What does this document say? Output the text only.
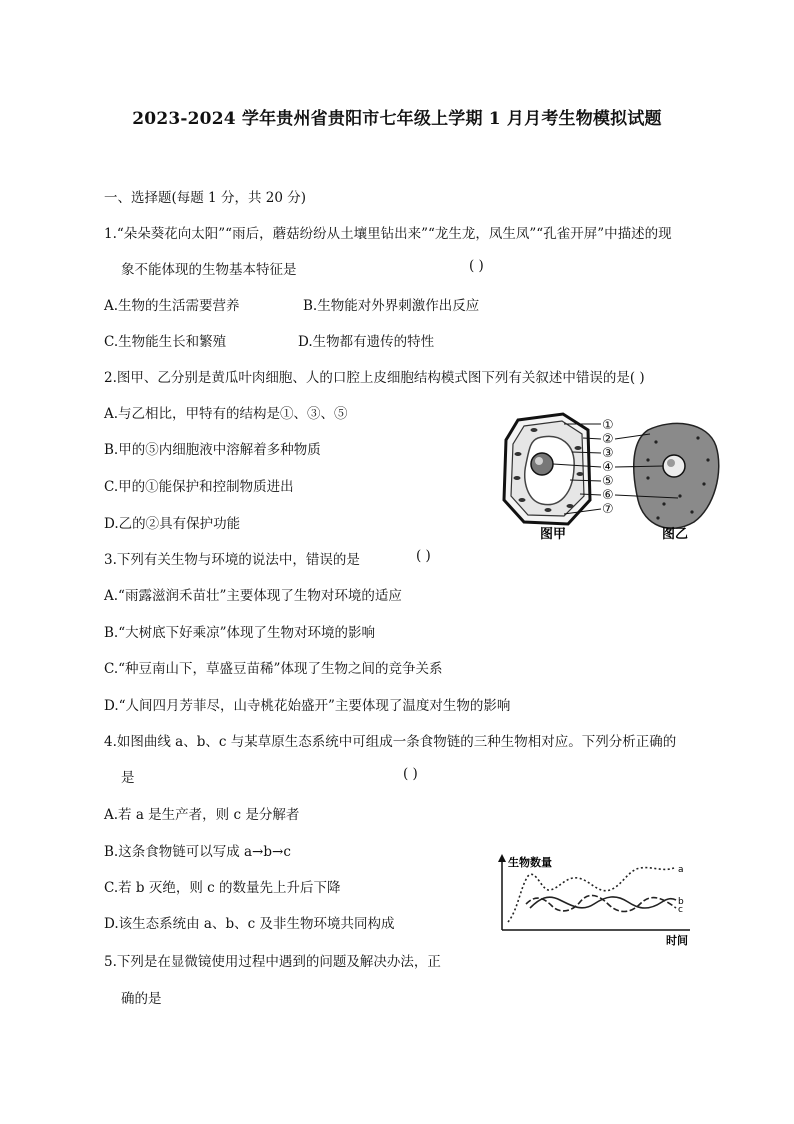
2023-2024 学年贵州省贵阳市七年级上学期 1 月月考生物模拟试题
一、选择题(每题 1 分，共 20 分)
1.“朵朵葵花向太阳”“雨后，蘑菇纷纷从土壤里钻出来”“龙生龙，凤生凤”“孔雀开屏”中描述的现
象不能体现的生物基本特征是	( )
A.生物的生活需要营养	B.生物能对外界刺激作出反应
C.生物能生长和繁殖	D.生物都有遗传的特性
2.图甲、乙分别是黄瓜叶肉细胞、人的口腔上皮细胞结构模式图下列有关叙述中错误的是( )
A.与乙相比，甲特有的结构是①、③、⑤
B.甲的⑤内细胞液中溶解着多种物质
C.甲的①能保护和控制物质进出
D.乙的②具有保护功能
①
②
③
④
⑤
⑥
⑦
图甲	图乙
3.下列有关生物与环境的说法中，错误的是	( )
A.“雨露滋润禾苗壮”主要体现了生物对环境的适应
B.“大树底下好乘凉”体现了生物对环境的影响
C.“种豆南山下，草盛豆苗稀”体现了生物之间的竞争关系
D.“人间四月芳菲尽，山寺桃花始盛开”主要体现了温度对生物的影响
4.如图曲线 a、b、c 与某草原生态系统中可组成一条食物链的三种生物相对应。下列分析正确的
是	( )
A.若 a 是生产者，则 c 是分解者
B.这条食物链可以写成 a→b→c
C.若 b 灭绝，则 c 的数量先上升后下降
D.该生态系统由 a、b、c 及非生物环境共同构成
生物数量
时间
a
b
c
5.下列是在显微镜使用过程中遇到的问题及解决办法，正
确的是
